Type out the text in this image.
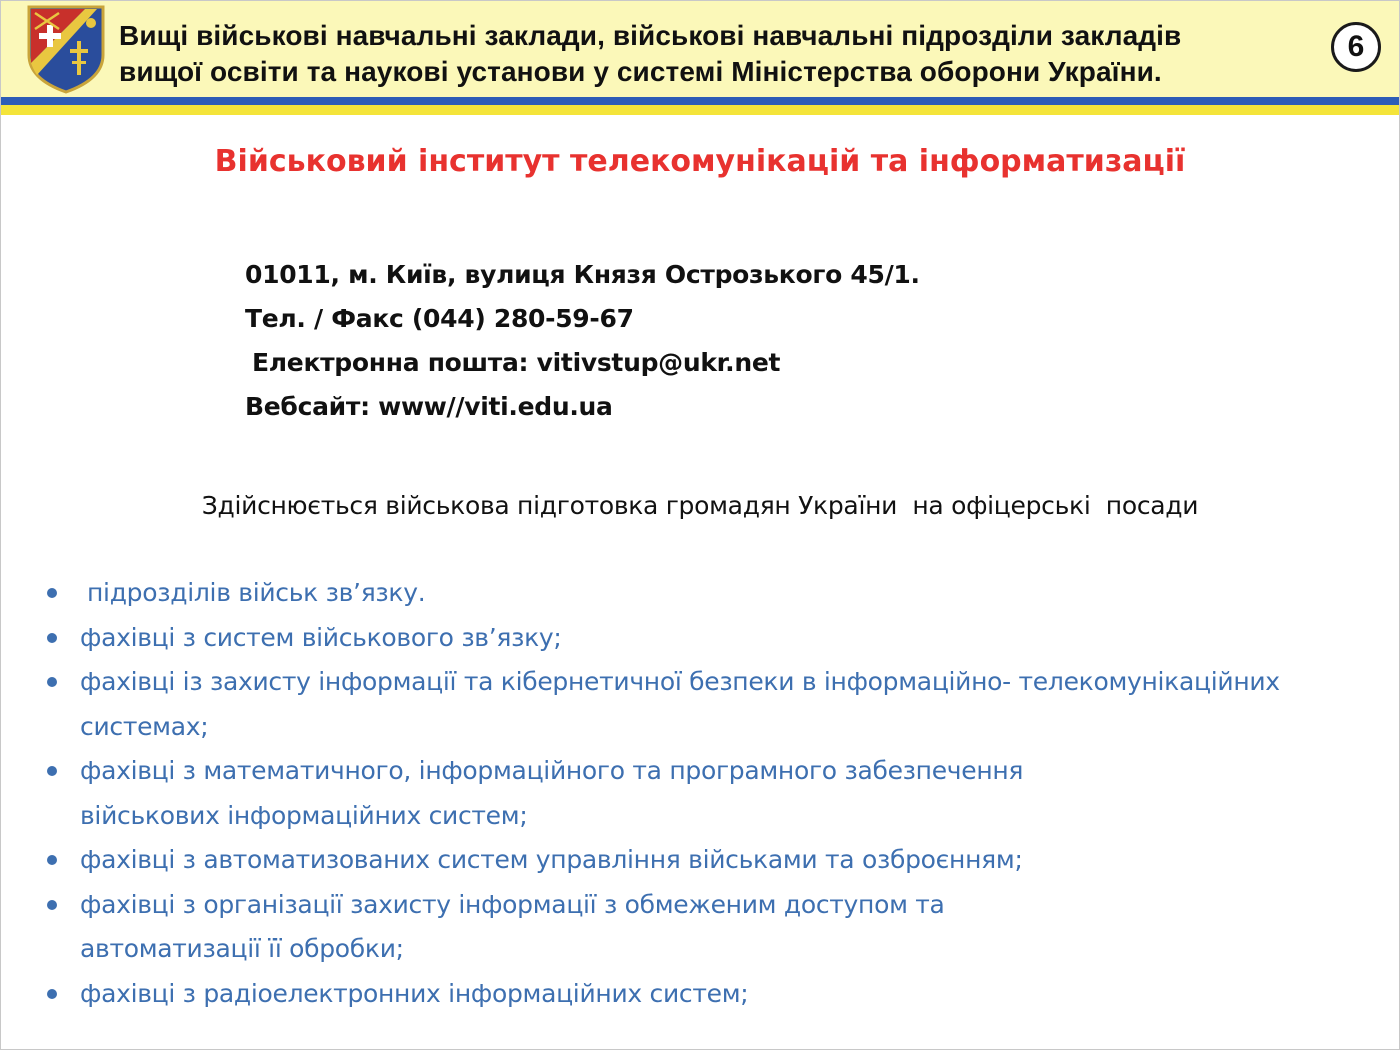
Вищі військові навчальні заклади, військові навчальні підрозділи закладів
вищої освіти та наукові установи у системі Міністерства оборони України.
6
Військовий інститут телекомунікацій та інформатизації
01011, м. Київ, вулиця Князя Острозького 45/1.
Тел. / Факс (044) 280-59-67
Електронна пошта: vitivstup@ukr.net
Вебсайт: www//viti.edu.ua
Здійснюється військова підготовка громадян України  на офіцерські  посади
підрозділів військ зв’язку.
фахівці з систем військового зв’язку;
фахівці із захисту інформації та кібернетичної безпеки в інформаційно- телекомунікаційних системах;
фахівці з математичного, інформаційного та програмного забезпечення військових інформаційних систем;
фахівці з автоматизованих систем управління військами та озброєнням;
фахівці з організації захисту інформації з обмеженим доступом та автоматизації її обробки;
фахівці з радіоелектронних інформаційних систем;
